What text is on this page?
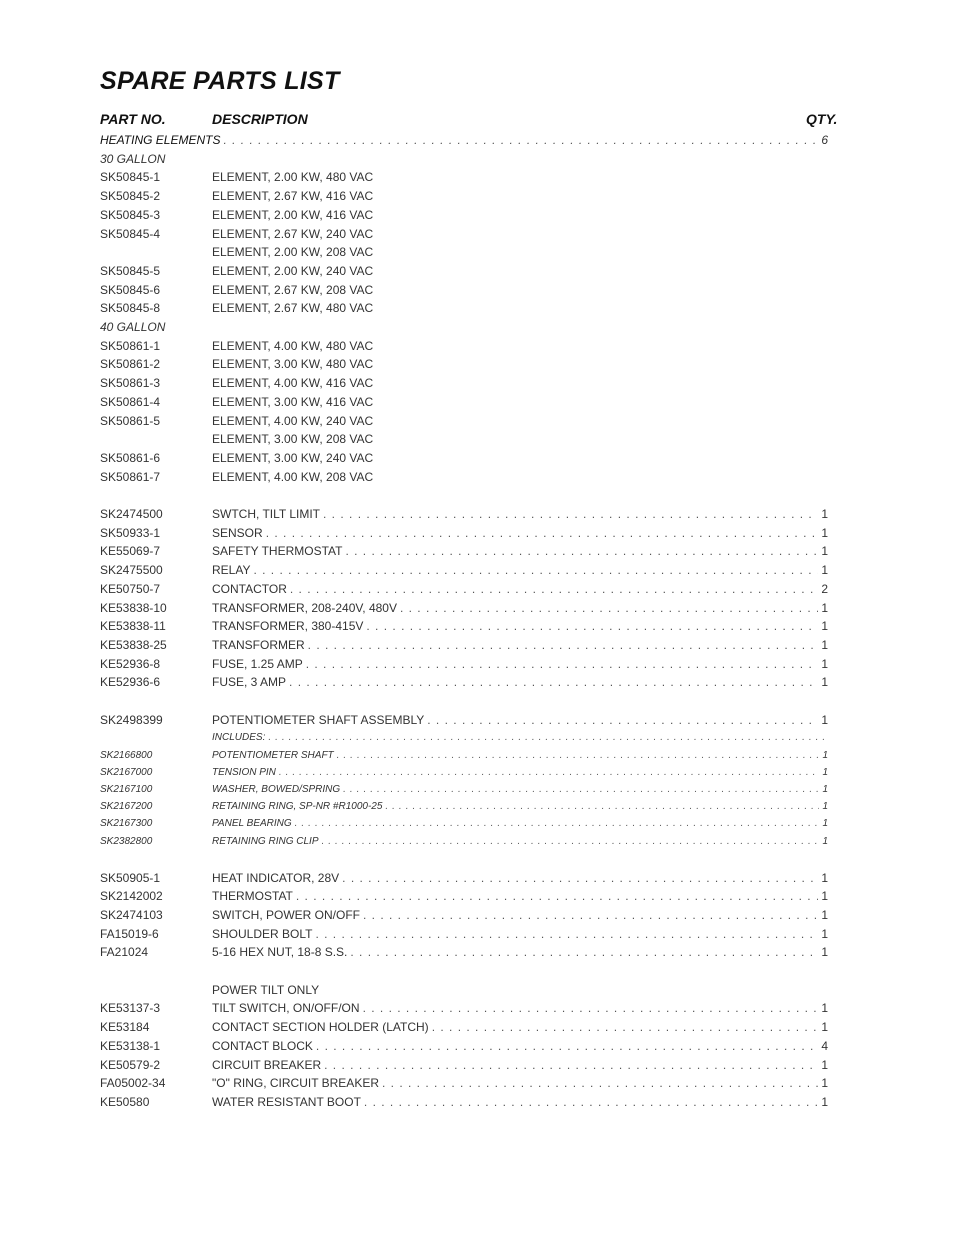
SPARE PARTS LIST
PART NO.	DESCRIPTION	QTY.
HEATING ELEMENTS . . .	6
30 GALLON
SK50845-1	ELEMENT, 2.00 KW, 480 VAC
SK50845-2	ELEMENT, 2.67 KW, 416 VAC
SK50845-3	ELEMENT, 2.00 KW, 416 VAC
SK50845-4	ELEMENT, 2.67 KW, 240 VAC
ELEMENT, 2.00 KW, 208 VAC
SK50845-5	ELEMENT, 2.00 KW, 240 VAC
SK50845-6	ELEMENT, 2.67 KW, 208 VAC
SK50845-8	ELEMENT, 2.67 KW, 480 VAC
40 GALLON
SK50861-1	ELEMENT, 4.00 KW, 480 VAC
SK50861-2	ELEMENT, 3.00 KW, 480 VAC
SK50861-3	ELEMENT, 4.00 KW, 416 VAC
SK50861-4	ELEMENT, 3.00 KW, 416 VAC
SK50861-5	ELEMENT, 4.00 KW, 240 VAC
ELEMENT, 3.00 KW, 208 VAC
SK50861-6	ELEMENT, 3.00 KW, 240 VAC
SK50861-7	ELEMENT, 4.00 KW, 208 VAC
SK2474500	SWTCH, TILT LIMIT . . .	1
SK50933-1	SENSOR . . .	1
KE55069-7	SAFETY THERMOSTAT . . .	1
SK2475500	RELAY . . .	1
KE50750-7	CONTACTOR . . .	2
KE53838-10	TRANSFORMER, 208-240V, 480V . . .	1
KE53838-11	TRANSFORMER, 380-415V . . .	1
KE53838-25	TRANSFORMER . . .	1
KE52936-8	FUSE, 1.25 AMP . . .	1
KE52936-6	FUSE, 3 AMP . . .	1
SK2498399	POTENTIOMETER SHAFT ASSEMBLY . . .	1
INCLUDES:
. . .
SK2166800	POTENTIOMETER SHAFT . . .	1
SK2167000	TENSION PIN . . .	1
SK2167100	WASHER, BOWED/SPRING . . .	1
SK2167200	RETAINING RING, SP-NR #R1000-25 . . .	1
SK2167300	PANEL BEARING . . .	1
SK2382800	RETAINING RING CLIP . . .	1
SK50905-1	HEAT INDICATOR, 28V . . .	1
SK2142002	THERMOSTAT . . .	1
SK2474103	SWITCH, POWER ON/OFF . . .	1
FA15019-6	SHOULDER BOLT . . .	1
FA21024	5-16 HEX NUT, 18-8 S.S. . . .	1
POWER TILT ONLY
KE53137-3	TILT SWITCH, ON/OFF/ON . . .	1
KE53184	CONTACT SECTION HOLDER (LATCH) . . .	1
KE53138-1	CONTACT BLOCK . . .	4
KE50579-2	CIRCUIT BREAKER . . .	1
FA05002-34	"O" RING, CIRCUIT BREAKER . . .	1
KE50580	WATER RESISTANT BOOT . . .	1
